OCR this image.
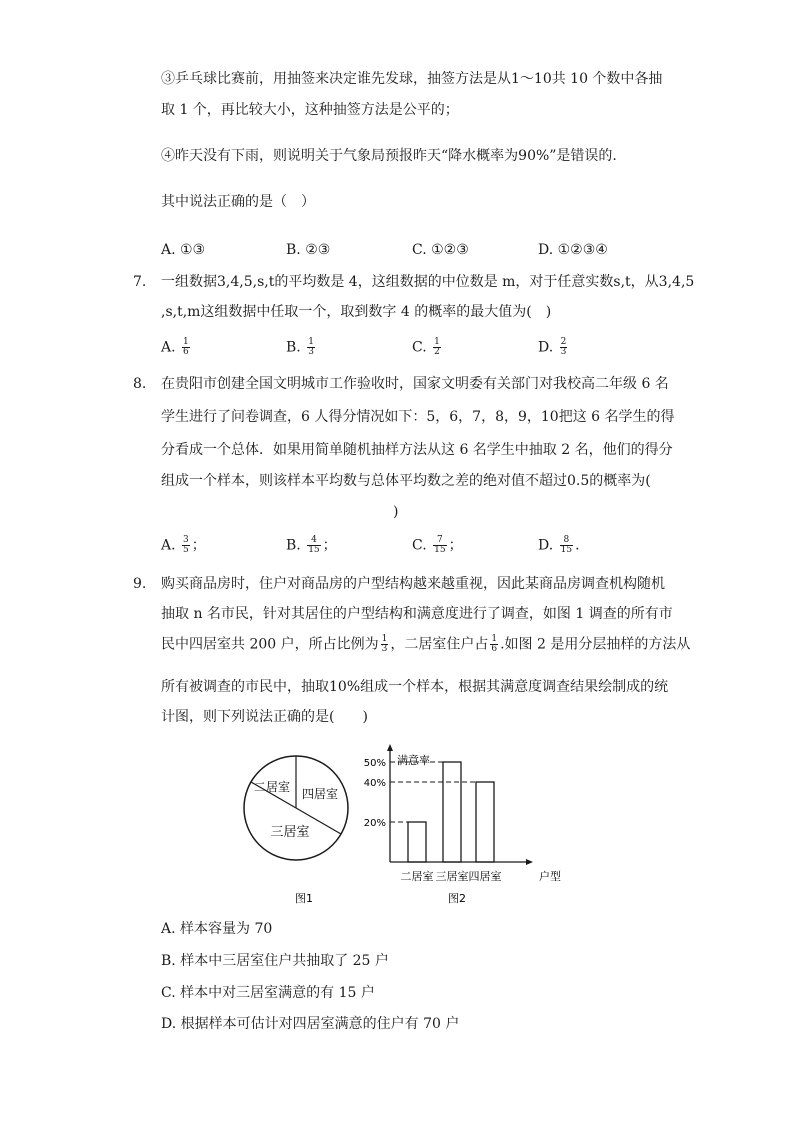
③乒乓球比赛前，用抽签来决定谁先发球，抽签方法是从1～10共 10 个数中各抽
取 1 个，再比较大小，这种抽签方法是公平的；
④昨天没有下雨，则说明关于气象局预报昨天“降水概率为90%”是错误的.
其中说法正确的是（　）
A. ①③	B. ②③	C. ①②③	D. ①②③④
7. 一组数据3,4,5,s,t的平均数是 4，这组数据的中位数是 m，对于任意实数s,t，从3,4,5
,s,t,m这组数据中任取一个，取到数字 4 的概率的最大值为(　)
A. $\frac{1}{6}$	B. $\frac{1}{3}$	C. $\frac{1}{2}$	D. $\frac{2}{3}$
8. 在贵阳市创建全国文明城市工作验收时，国家文明委有关部门对我校高二年级 6 名
学生进行了问卷调查，6 人得分情况如下：5，6，7，8，9，10把这 6 名学生的得
分看成一个总体．如果用简单随机抽样方法从这 6 名学生中抽取 2 名，他们的得分
组成一个样本，则该样本平均数与总体平均数之差的绝对值不超过0.5的概率为(
)
A. $\frac{3}{5}$ ；	B. $\frac{4}{15}$ ；	C. $\frac{7}{15}$ ；	D. $\frac{8}{15}$ .
9. 购买商品房时，住户对商品房的户型结构越来越重视，因此某商品房调查机构随机
抽取 n 名市民，针对其居住的户型结构和满意度进行了调查，如图 1 调查的所有市
民中四居室共 200 户，所占比例为 $\frac{1}{3}$ ，二居室住户占 $\frac{1}{6}$ .如图 2 是用分层抽样的方法从
所有被调查的市民中，抽取10%组成一个样本，根据其满意度调查结果绘制成的统
计图，则下列说法正确的是(　　)
二居室 四居室
三居室
图1
满意率
20%
40%
50%
二居室 三居室 四居室	户型
图2
A. 样本容量为 70
B. 样本中三居室住户共抽取了 25 户
C. 样本中对三居室满意的有 15 户
D. 根据样本可估计对四居室满意的住户有 70 户
